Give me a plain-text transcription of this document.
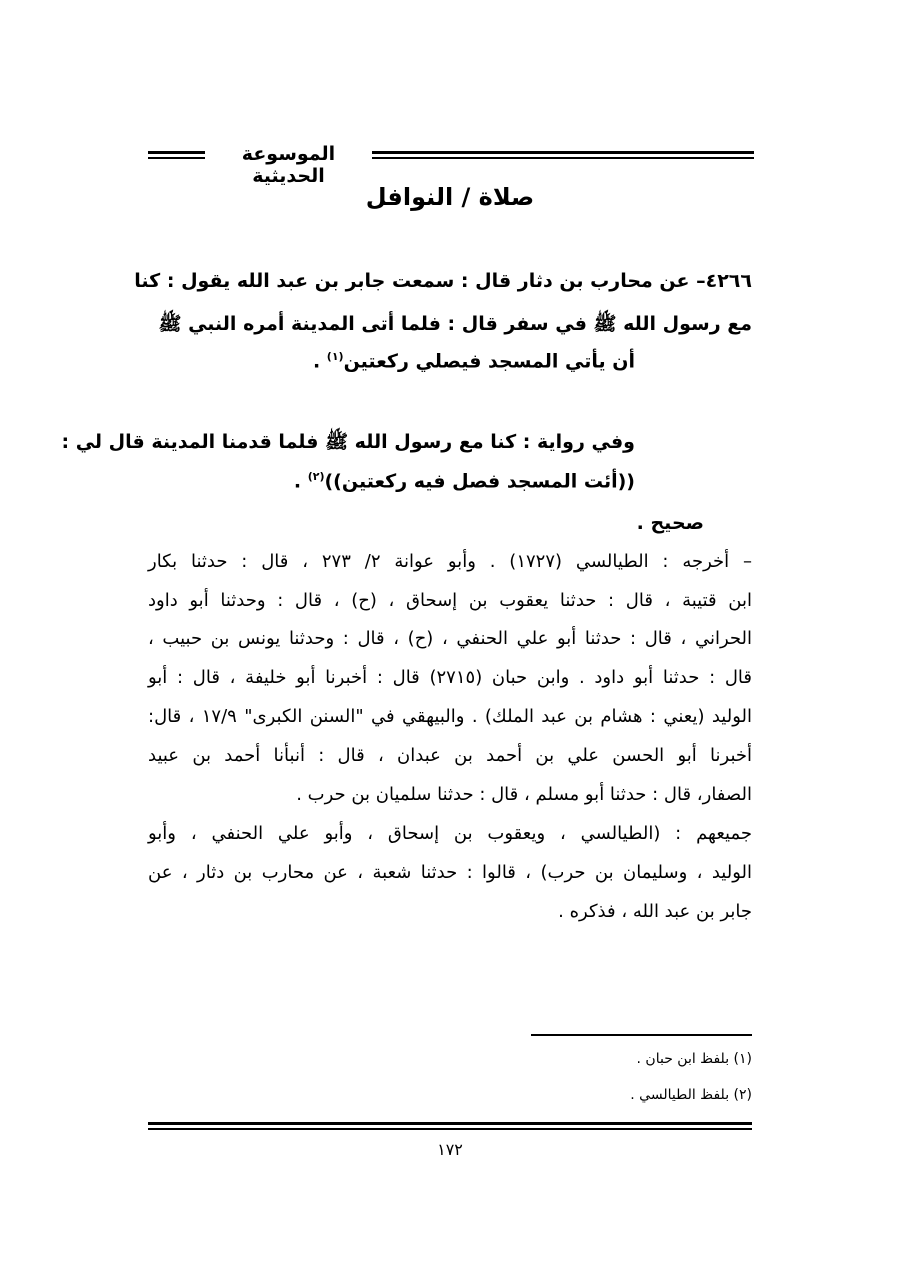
الموسوعة الحديثية
صلاة / النوافل
٤٢٦٦– عن محارب بن دثار قال : سمعت جابر بن عبد الله يقول : كنا
مع رسول الله ﷺ في سفر قال : فلما أتى المدينة أمره النبي ﷺ
أن يأتي المسجد فيصلي ركعتين$^{(١)}$ .
وفي رواية : كنا مع رسول الله ﷺ فلما قدمنا المدينة قال لي :
((أئت المسجد فصل فيه ركعتين))$^{(٢)}$ .
صحيح .
– أخرجه : الطيالسي (١٧٢٧) . وأبو عوانة ٢/ ٢٧٣ ، قال : حدثنا بكار
ابن قتيبة ، قال : حدثنا يعقوب بن إسحاق ، (ح) ، قال : وحدثنا أبو داود
الحراني ، قال : حدثنا أبو علي الحنفي ، (ح) ، قال : وحدثنا يونس بن حبيب ،
قال : حدثنا أبو داود . وابن حبان (٢٧١٥) قال : أخبرنا أبو خليفة ، قال : أبو
الوليد (يعني : هشام بن عبد الملك) . والبيهقي في "السنن الكبرى" ١٧/٩ ، قال:
أخبرنا أبو الحسن علي بن أحمد بن عبدان ، قال : أنبأنا أحمد بن عبيد
الصفار، قال : حدثنا أبو مسلم ، قال : حدثنا سلميان بن حرب .
جميعهم : (الطيالسي ، ويعقوب بن إسحاق ، وأبو علي الحنفي ، وأبو
الوليد ، وسليمان بن حرب) ، قالوا : حدثنا شعبة ، عن محارب بن دثار ، عن
جابر بن عبد الله ، فذكره .
(١) بلفظ ابن حبان .
(٢) بلفظ الطيالسي .
١٧٢
